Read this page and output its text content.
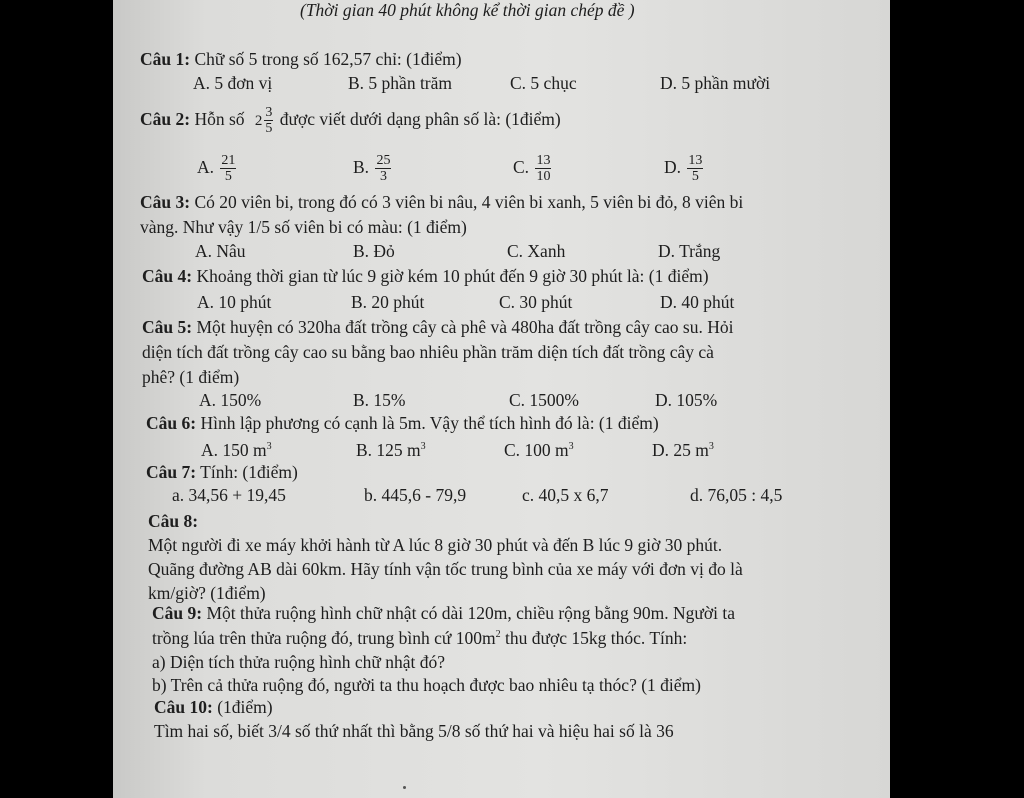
(Thời gian 40 phút không kể thời gian chép đề )
Câu 1: Chữ số 5 trong số 162,57 chỉ: (1điểm)
A. 5 đơn vị	B. 5 phần trăm	C. 5 chục	D. 5 phần mười
Câu 2: Hỗn số $2 \frac{3}{5}$ được viết dưới dạng phân số là: (1điểm)
A. $\frac{21}{5}$	B. $\frac{25}{3}$	C. $\frac{13}{10}$	D. $\frac{13}{5}$
Câu 3: Có 20 viên bi, trong đó có 3 viên bi nâu, 4 viên bi xanh, 5 viên bi đỏ, 8 viên bi
vàng. Như vậy 1/5 số viên bi có màu: (1 điểm)
A. Nâu	B. Đỏ	C. Xanh	D. Trắng
Câu 4: Khoảng thời gian từ lúc 9 giờ kém 10 phút đến 9 giờ 30 phút là: (1 điểm)
A. 10 phút	B. 20 phút	C. 30 phút	D. 40 phút
Câu 5: Một huyện có 320ha đất trồng cây cà phê và 480ha đất trồng cây cao su. Hỏi
diện tích đất trồng cây cao su bằng bao nhiêu phần trăm diện tích đất trồng cây cà
phê? (1 điểm)
A. 150%	B. 15%	C. 1500%	D. 105%
Câu 6: Hình lập phương có cạnh là 5m. Vậy thể tích hình đó là: (1 điểm)
A. 150 $m^3$	B. 125 $m^3$	C. 100 $m^3$	D. 25 $m^3$
Câu 7: Tính: (1điểm)
a. 34,56 + 19,45	b. 445,6 - 79,9	c. 40,5 x 6,7	d. 76,05 : 4,5
Câu 8:
Một người đi xe máy khởi hành từ A lúc 8 giờ 30 phút và đến B lúc 9 giờ 30 phút.
Quãng đường AB dài 60km. Hãy tính vận tốc trung bình của xe máy với đơn vị đo là
km/giờ? (1điểm)
Câu 9: Một thửa ruộng hình chữ nhật có dài 120m, chiều rộng bằng 90m. Người ta
trồng lúa trên thửa ruộng đó, trung bình cứ $100m^2$ thu được 15kg thóc. Tính:
a) Diện tích thửa ruộng hình chữ nhật đó?
b) Trên cả thửa ruộng đó, người ta thu hoạch được bao nhiêu tạ thóc? (1 điểm)
Câu 10: (1điểm)
Tìm hai số, biết 3/4 số thứ nhất thì bằng 5/8 số thứ hai và hiệu hai số là 36
